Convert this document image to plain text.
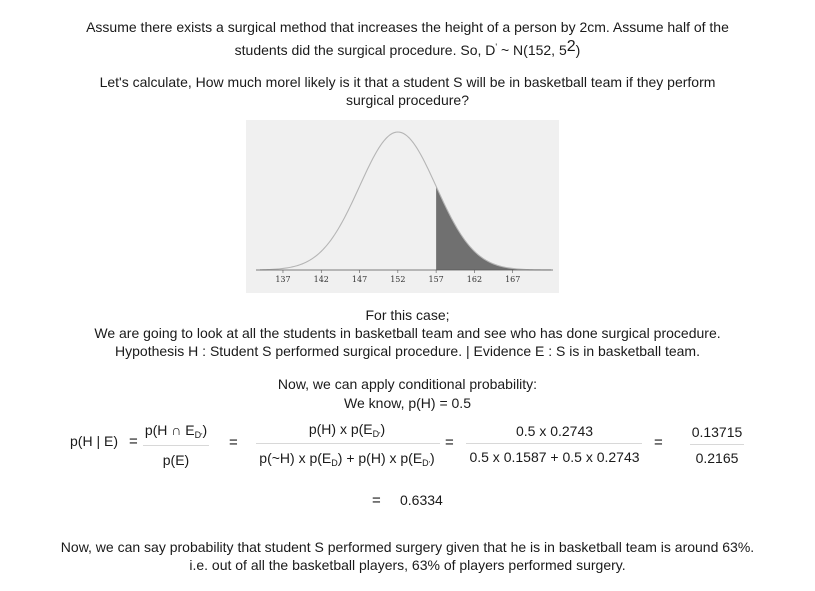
Assume there exists a surgical method that increases the height of a person by 2cm. Assume half of the
students did the surgical procedure. So, D' ~ N(152, $5^2$)
Let's calculate, How much morel likely is it that a student S will be in basketball team if they perform
surgical procedure?
137	142	147	152	157	162	167
For this case;
We are going to look at all the students in basketball team and see who has done surgical procedure.
Hypothesis H : Student S performed surgical procedure. | Evidence E : S is in basketball team.
Now, we can apply conditional probability:
We know, p(H) = 0.5
p(H | E) =
p(H ∩ $E_{D'}$)
p(E)
=
p(H) x $p(E_{D'})$
p(~H) x $p(E_D) + p(H)$ x $p(E_{D'})$
=
0.5 x 0.2743
0.5 x 0.1587 + 0.5 x 0.2743
=
0.13715
0.2165
= 0.6334
Now, we can say probability that student S performed surgery given that he is in basketball team is around 63%.
i.e. out of all the basketball players, 63% of players performed surgery.
